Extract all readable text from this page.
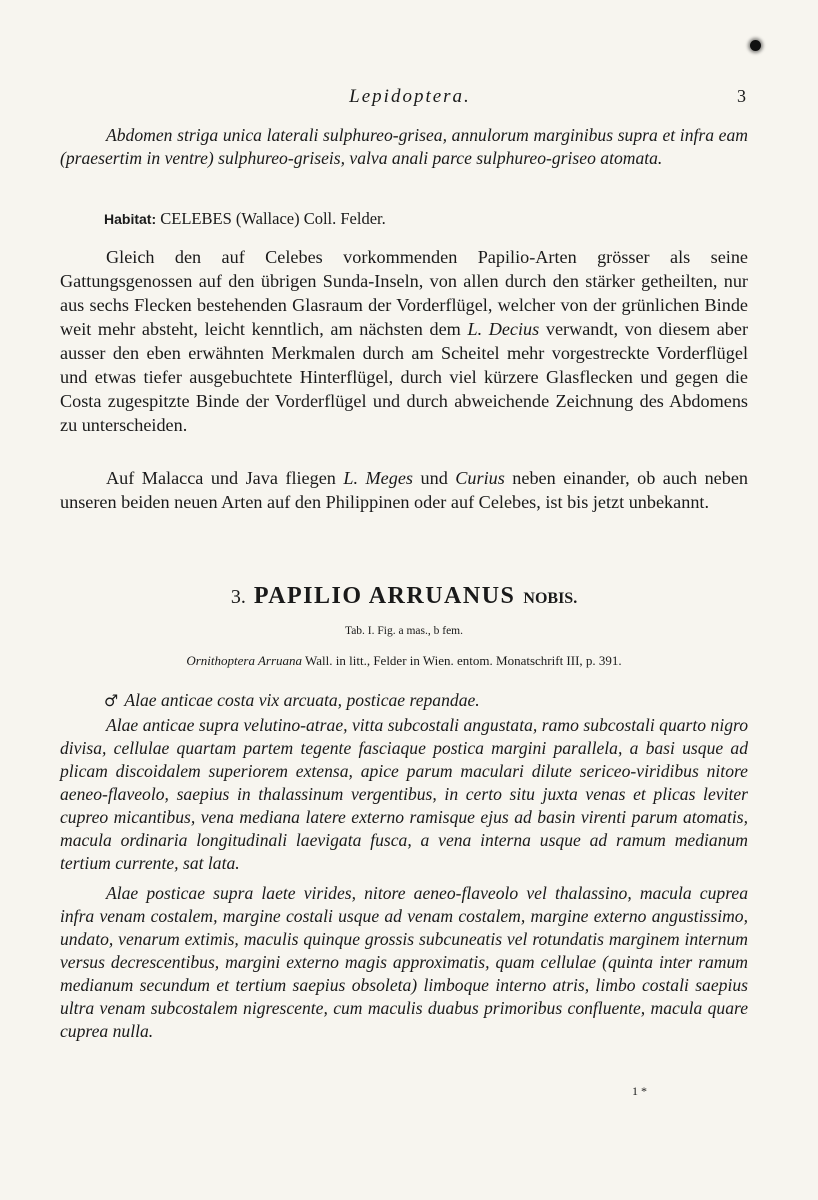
Lepidoptera.	3
Abdomen striga unica laterali sulphureo-grisea, annulorum marginibus supra et infra eam (praesertim in ventre) sulphureo-griseis, valva anali parce sulphureo-griseo atomata.
Habitat: CELEBES (Wallace) Coll. Felder.
Gleich den auf Celebes vorkommenden Papilio-Arten grösser als seine Gattungsgenossen auf den übrigen Sunda-Inseln, von allen durch den stärker getheilten, nur aus sechs Flecken bestehenden Glasraum der Vorderflügel, welcher von der grünlichen Binde weit mehr absteht, leicht kenntlich, am nächsten dem L. Decius verwandt, von diesem aber ausser den eben erwähnten Merkmalen durch am Scheitel mehr vorgestreckte Vorderflügel und etwas tiefer ausgebuchtete Hinterflügel, durch viel kürzere Glasflecken und gegen die Costa zugespitzte Binde der Vorderflügel und durch abweichende Zeichnung des Abdomens zu unterscheiden.
Auf Malacca und Java fliegen L. Meges und Curius neben einander, ob auch neben unseren beiden neuen Arten auf den Philippinen oder auf Celebes, ist bis jetzt unbekannt.
3. PAPILIO ARRUANUS NOBIS.
Tab. I. Fig. a mas., b fem.
Ornithoptera Arruana Wall. in litt., Felder in Wien. entom. Monatschrift III, p. 391.
♂ Alae anticae costa vix arcuata, posticae repandae.
Alae anticae supra velutino-atrae, vitta subcostali angustata, ramo subcostali quarto nigro divisa, cellulae quartam partem tegente fasciaque postica margini parallela, a basi usque ad plicam discoidalem superiorem extensa, apice parum maculari dilute sericeo-viridibus nitore aeneo-flaveolo, saepius in thalassinum vergentibus, in certo situ juxta venas et plicas leviter cupreo micantibus, vena mediana latere externo ramisque ejus ad basin virenti parum atomatis, macula ordinaria longitudinali laevigata fusca, a vena interna usque ad ramum medianum tertium currente, sat lata.
Alae posticae supra laete virides, nitore aeneo-flaveolo vel thalassino, macula cuprea infra venam costalem, margine costali usque ad venam costalem, margine externo angustissimo, undato, venarum extimis, maculis quinque grossis subcuneatis vel rotundatis marginem internum versus decrescentibus, margini externo magis approximatis, quam cellulae (quinta inter ramum medianum secundum et tertium saepius obsoleta) limboque interno atris, limbo costali saepius ultra venam subcostalem nigrescente, cum maculis duabus primoribus confluente, macula quare cuprea nulla.
1 *
